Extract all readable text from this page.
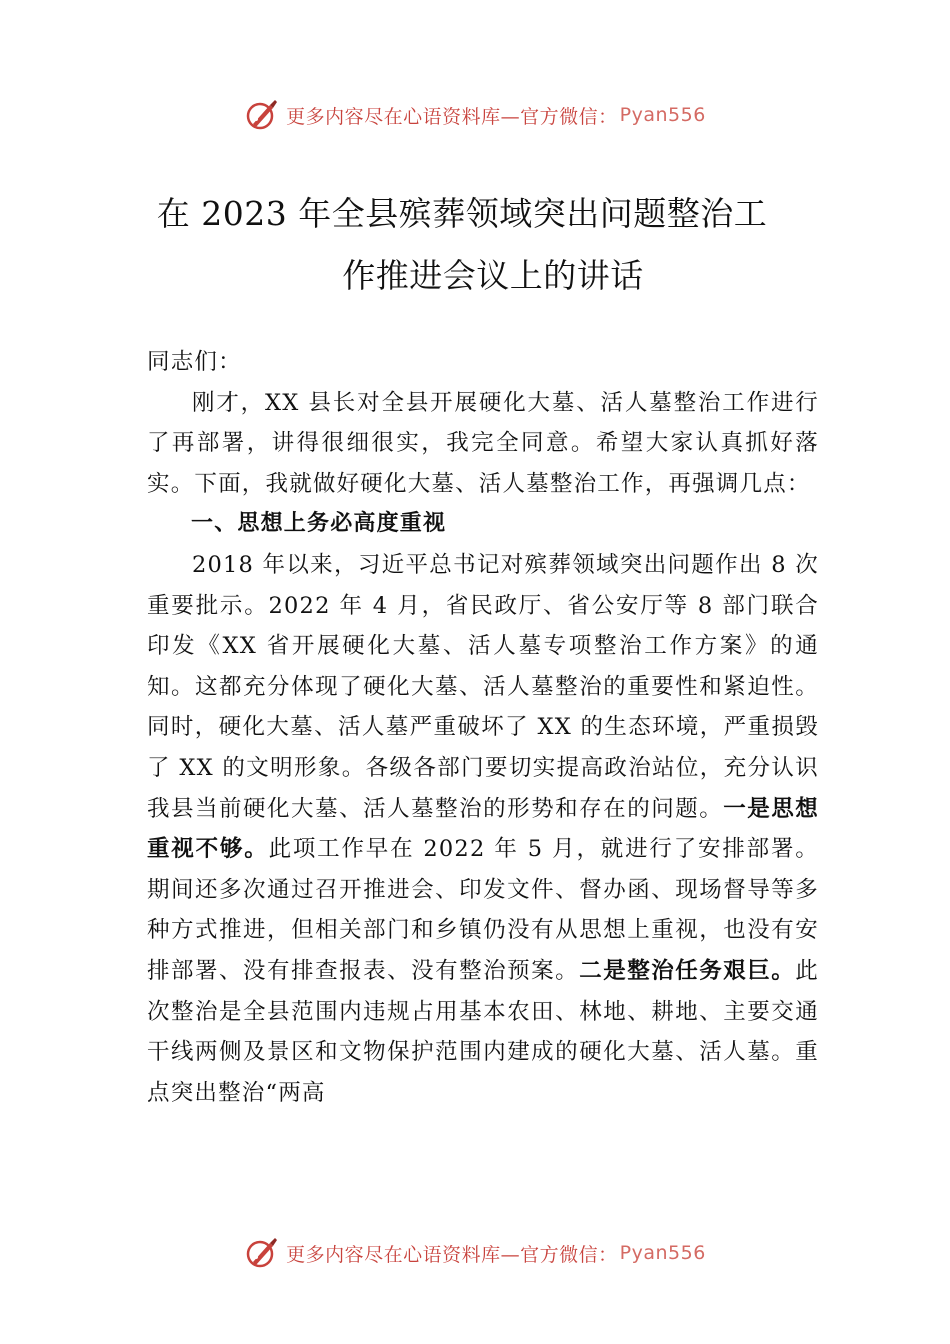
更多内容尽在心语资料库—官方微信： Pyan556
在 2023 年全县殡葬领域突出问题整治工
作推进会议上的讲话

同志们：

刚才，XX 县长对全县开展硬化大墓、活人墓整治工作进行了再部署，讲得很细很实，我完全同意。希望大家认真抓好落实。下面，我就做好硬化大墓、活人墓整治工作，再强调几点：

一、思想上务必高度重视

2018 年以来，习近平总书记对殡葬领域突出问题作出 8 次重要批示。2022 年 4 月，省民政厅、省公安厅等 8 部门联合印发《XX 省开展硬化大墓、活人墓专项整治工作方案》的通知。这都充分体现了硬化大墓、活人墓整治的重要性和紧迫性。同时，硬化大墓、活人墓严重破坏了 XX 的生态环境，严重损毁了 XX 的文明形象。各级各部门要切实提高政治站位，充分认识我县当前硬化大墓、活人墓整治的形势和存在的问题。一是思想重视不够。此项工作早在 2022 年 5 月，就进行了安排部署。期间还多次通过召开推进会、印发文件、督办函、现场督导等多种方式推进，但相关部门和乡镇仍没有从思想上重视，也没有安排部署、没有排查报表、没有整治预案。二是整治任务艰巨。此次整治是全县范围内违规占用基本农田、林地、耕地、主要交通干线两侧及景区和文物保护范围内建成的硬化大墓、活人墓。重点突出整治“两高

更多内容尽在心语资料库—官方微信： Pyan556
